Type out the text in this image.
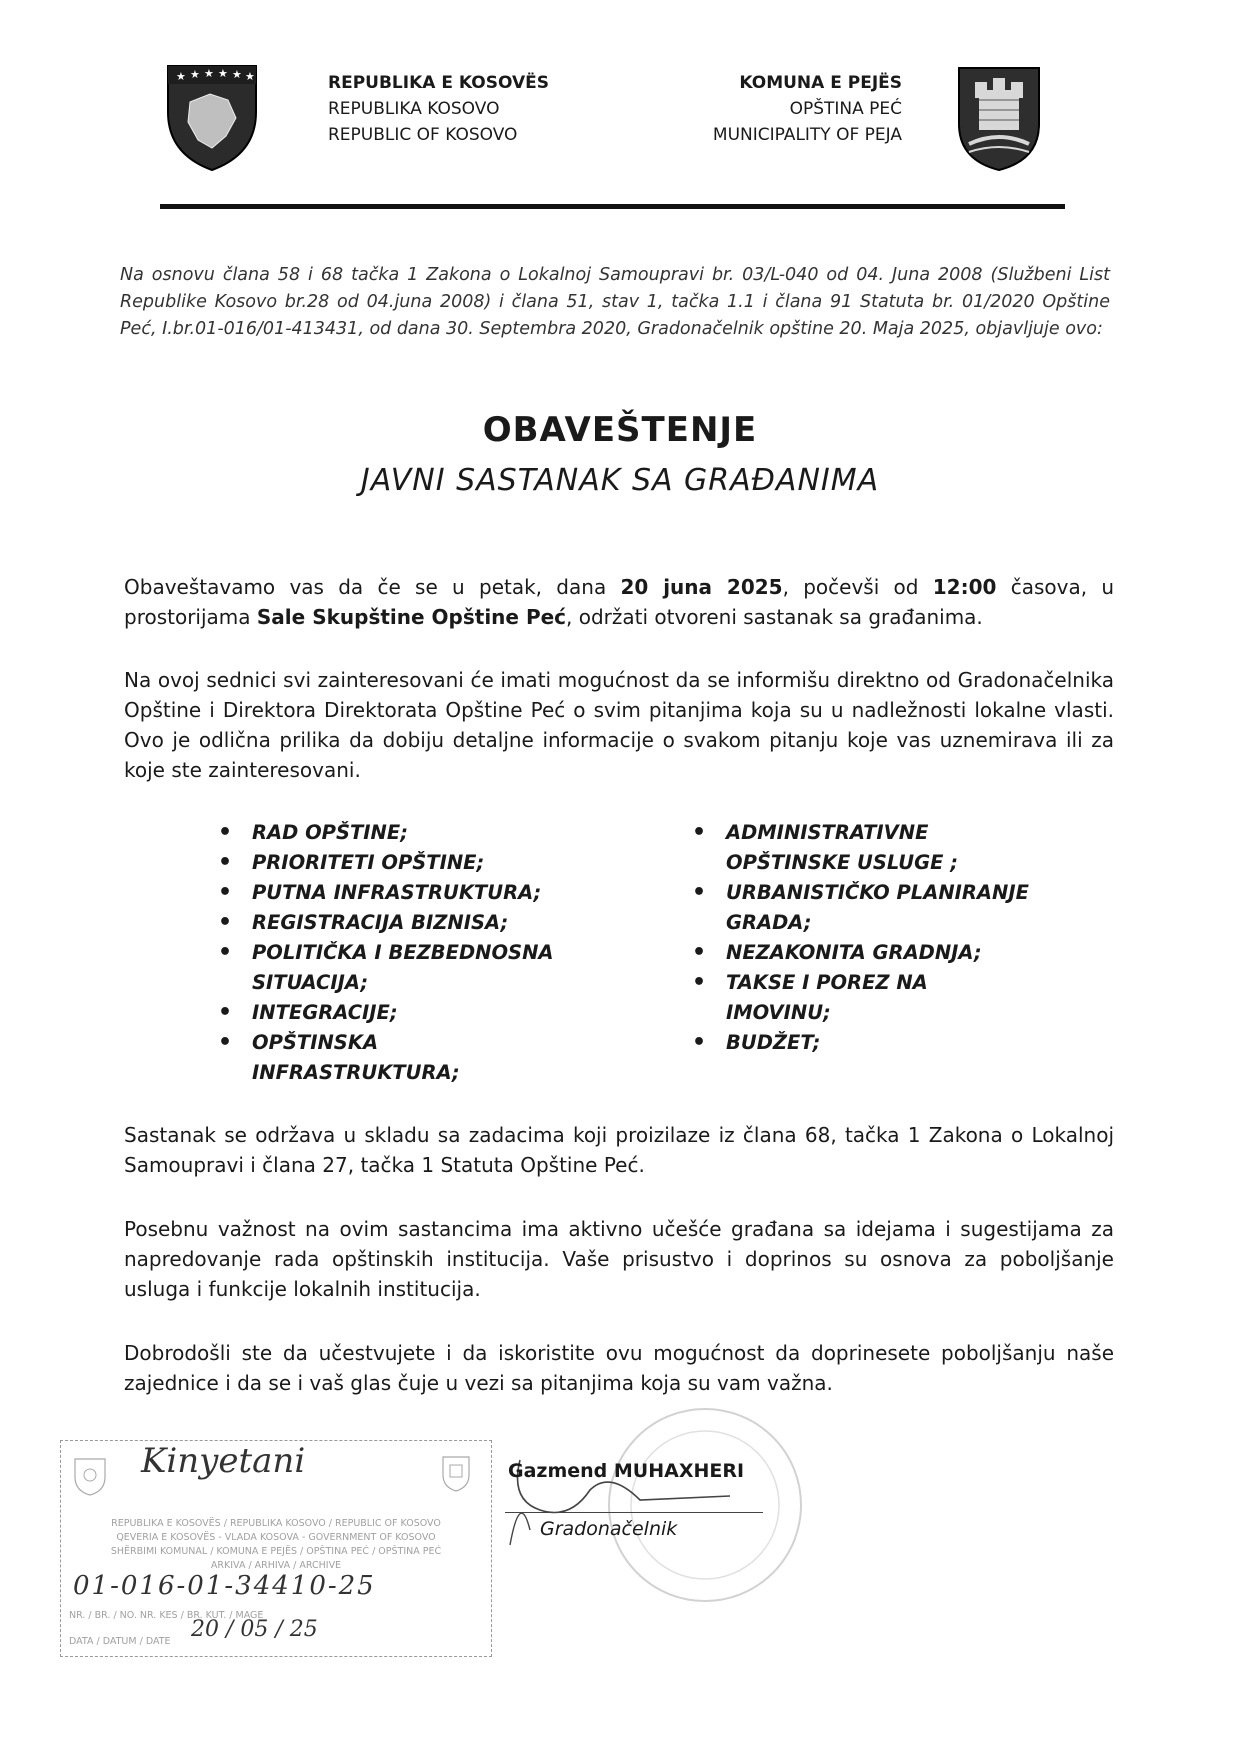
★ ★ ★ ★ ★ ★	REPUBLIKA E KOSOVËS
REPUBLIKA KOSOVO
REPUBLIC OF KOSOVO
KOMUNA E PEJËS
OPŠTINA PEĆ
MUNICIPALITY OF PEJA
Na osnovu člana 58 i 68 tačka 1 Zakona o Lokalnoj Samoupravi br. 03/L-040 od 04. Juna 2008 (Službeni List Republike Kosovo br.28 od 04.juna 2008) i člana 51, stav 1, tačka 1.1 i člana 91 Statuta br. 01/2020 Opštine Peć, I.br.01-016/01-413431, od dana 30. Septembra 2020, Gradonačelnik opštine 20. Maja 2025, objavljuje ovo:
OBAVEŠTENJE
JAVNI SASTANAK SA GRAĐANIMA
Obaveštavamo vas da če se u petak, dana 20 juna 2025, počevši od 12:00 časova, u prostorijama Sale Skupštine Opštine Peć, održati otvoreni sastanak sa građanima.
Na ovoj sednici svi zainteresovani će imati mogućnost da se informišu direktno od Gradonačelnika Opštine i Direktora Direktorata Opštine Peć o svim pitanjima koja su u nadležnosti lokalne vlasti. Ovo je odlična prilika da dobiju detaljne informacije o svakom pitanju koje vas uznemirava ili za koje ste zainteresovani.
• RAD OPŠTINE;
• PRIORITETI OPŠTINE;
• PUTNA INFRASTRUKTURA;
• REGISTRACIJA BIZNISA;
• POLITIČKA I BEZBEDNOSNA SITUACIJA;
• INTEGRACIJE;
• OPŠTINSKA INFRASTRUKTURA;
• ADMINISTRATIVNE OPŠTINSKE USLUGE ;
• URBANISTIČKO PLANIRANJE GRADA;
• NEZAKONITA GRADNJA;
• TAKSE I POREZ NA IMOVINU;
• BUDŽET;
Sastanak se održava u skladu sa zadacima koji proizilaze iz člana 68, tačka 1 Zakona o Lokalnoj Samoupravi i člana 27, tačka 1 Statuta Opštine Peć.
Posebnu važnost na ovim sastancima ima aktivno učešće građana sa idejama i sugestijama za napredovanje rada opštinskih institucija. Vaše prisustvo i doprinos su osnova za poboljšanje usluga i funkcije lokalnih institucija.
Dobrodošli ste da učestvujete i da iskoristite ovu mogućnost da doprinesete poboljšanju naše zajednice i da se i vaš glas čuje u vezi sa pitanjima koja su vam važna.
Gazmend MUHAXHERI
Gradonačelnik
Kinyetani
REPUBLIKA E KOSOVËS / REPUBLIKA KOSOVO / REPUBLIC OF KOSOVO
QEVERIA E KOSOVËS - VLADA KOSOVA - GOVERNMENT OF KOSOVO
SHËRBIMI KOMUNAL / KOMUNA E PEJËS / OPŠTINA PEĆ / OPŠTINA PEĆ
ARKIVA / ARHIVA / ARCHIVE
01-016-01-34410-25
NR. / BR. / NO. NR. KES / BR. KUT. / MAGE
DATA / DATUM / DATE 20 / 05 / 25
